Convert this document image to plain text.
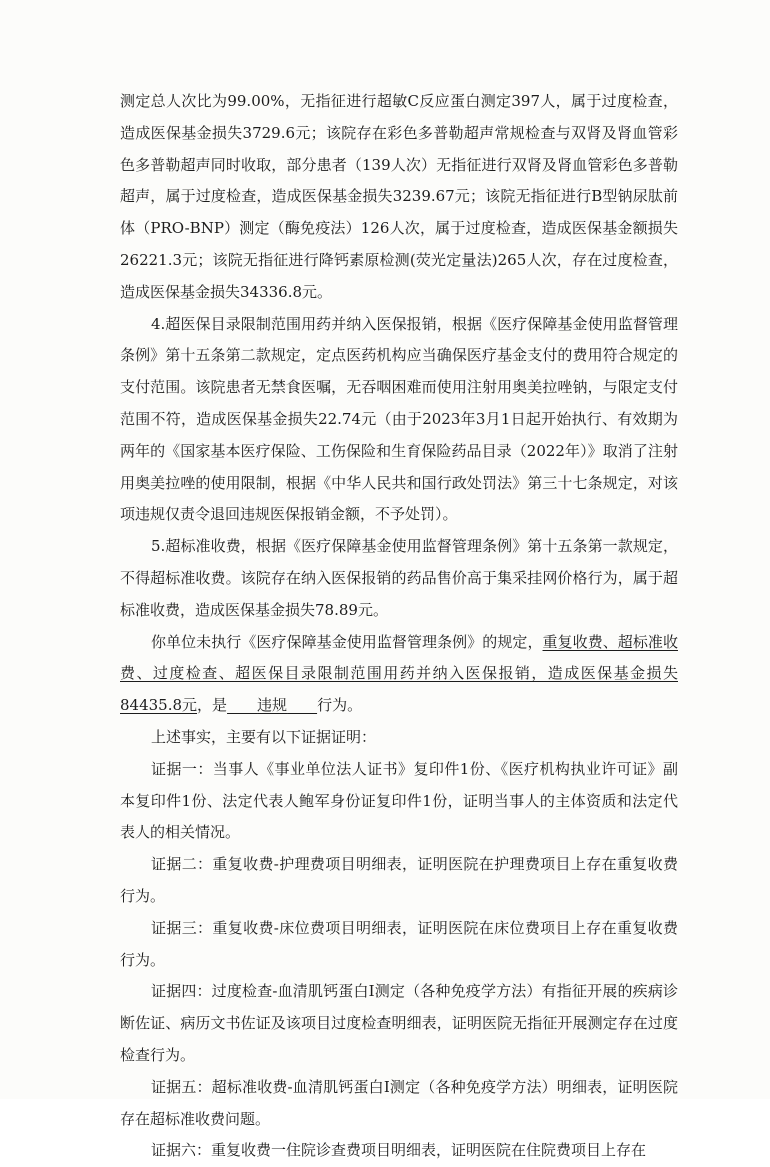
测定总人次比为99.00%，无指征进行超敏C反应蛋白测定397人，属于过度检查，造成医保基金损失3729.6元；该院存在彩色多普勒超声常规检查与双肾及肾血管彩色多普勒超声同时收取，部分患者（139人次）无指征进行双肾及肾血管彩色多普勒超声，属于过度检查，造成医保基金损失3239.67元；该院无指征进行B型钠尿肽前体（PRO-BNP）测定（酶免疫法）126人次，属于过度检查，造成医保基金额损失26221.3元；该院无指征进行降钙素原检测(荧光定量法)265人次，存在过度检查，造成医保基金损失34336.8元。

4.超医保目录限制范围用药并纳入医保报销，根据《医疗保障基金使用监督管理条例》第十五条第二款规定，定点医药机构应当确保医疗基金支付的费用符合规定的支付范围。该院患者无禁食医嘱，无吞咽困难而使用注射用奥美拉唑钠，与限定支付范围不符，造成医保基金损失22.74元（由于2023年3月1日起开始执行、有效期为两年的《国家基本医疗保险、工伤保险和生育保险药品目录（2022年）》取消了注射用奥美拉唑的使用限制，根据《中华人民共和国行政处罚法》第三十七条规定，对该项违规仅责令退回违规医保报销金额，不予处罚）。

5.超标准收费，根据《医疗保障基金使用监督管理条例》第十五条第一款规定，不得超标准收费。该院存在纳入医保报销的药品售价高于集采挂网价格行为，属于超标准收费，造成医保基金损失78.89元。

你单位未执行《医疗保障基金使用监督管理条例》的规定，重复收费、超标准收费、过度检查、超医保目录限制范围用药并纳入医保报销，造成医保基金损失84435.8元，是   违规   行为。

上述事实，主要有以下证据证明：

证据一：当事人《事业单位法人证书》复印件1份、《医疗机构执业许可证》副本复印件1份、法定代表人鲍军身份证复印件1份，证明当事人的主体资质和法定代表人的相关情况。

证据二：重复收费-护理费项目明细表，证明医院在护理费项目上存在重复收费行为。

证据三：重复收费-床位费项目明细表，证明医院在床位费项目上存在重复收费行为。

证据四：过度检查-血清肌钙蛋白Ⅰ测定（各种免疫学方法）有指征开展的疾病诊断佐证、病历文书佐证及该项目过度检查明细表，证明医院无指征开展测定存在过度检查行为。

证据五：超标准收费-血清肌钙蛋白Ⅰ测定（各种免疫学方法）明细表，证明医院存在超标准收费问题。

证据六：重复收费一住院诊查费项目明细表，证明医院在住院费项目上存在
